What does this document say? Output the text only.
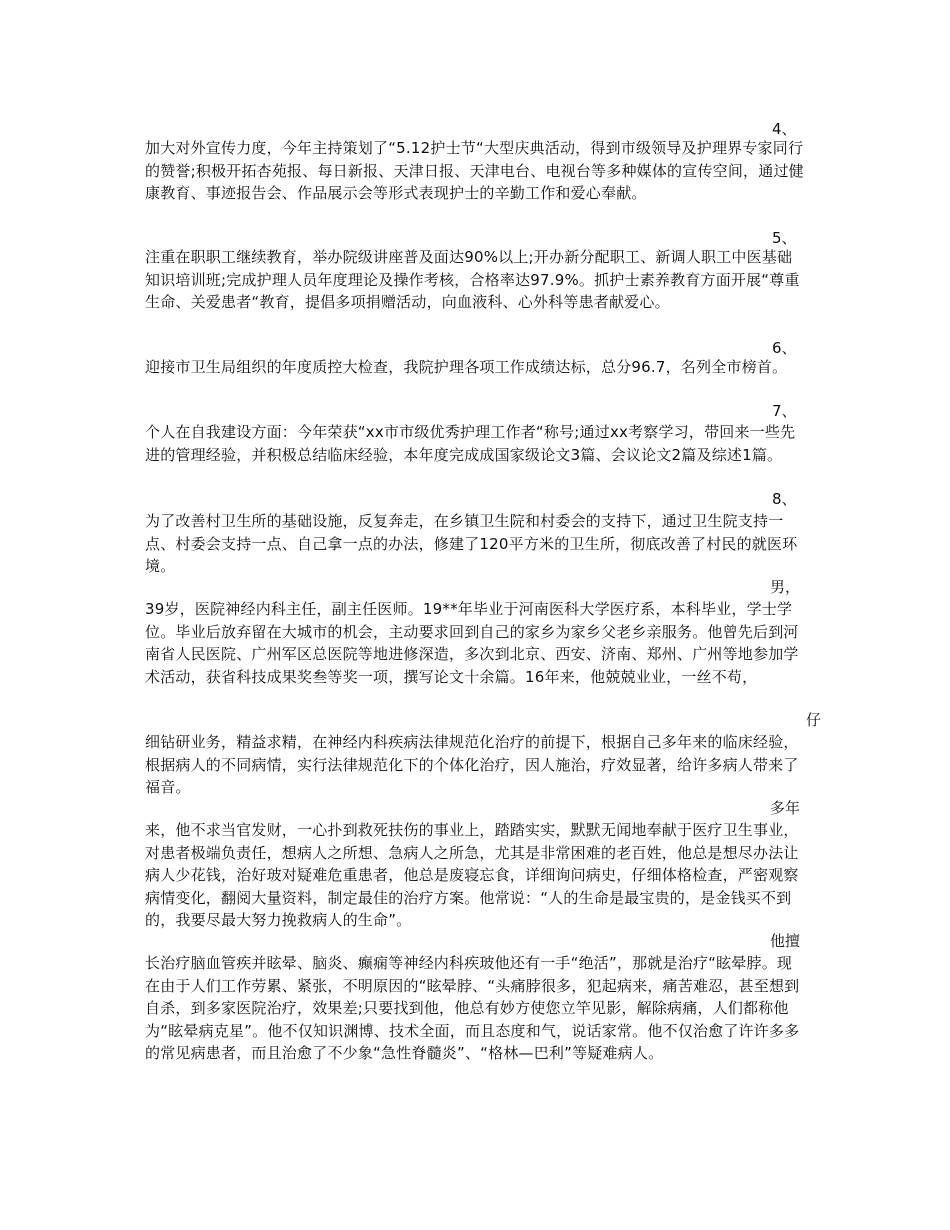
4、

加大对外宣传力度，今年主持策划了“5.12护士节“大型庆典活动，得到市级领导及护理界专家同行的赞誉;积极开拓杏苑报、每日新报、天津日报、天津电台、电视台等多种媒体的宣传空间，通过健康教育、事迹报告会、作品展示会等形式表现护士的辛勤工作和爱心奉献。

5、

注重在职职工继续教育，举办院级讲座普及面达90%以上;开办新分配职工、新调人职工中医基础知识培训班;完成护理人员年度理论及操作考核，合格率达97.9%。抓护士素养教育方面开展“尊重生命、关爱患者“教育，提倡多项捐赠活动，向血液科、心外科等患者献爱心。

6、

迎接市卫生局组织的年度质控大检查，我院护理各项工作成绩达标，总分96.7，名列全市榜首。

7、

个人在自我建设方面：今年荣获“xx市市级优秀护理工作者“称号;通过xx考察学习，带回来一些先进的管理经验，并积极总结临床经验，本年度完成成国家级论文3篇、会议论文2篇及综述1篇。

8、

为了改善村卫生所的基础设施，反复奔走，在乡镇卫生院和村委会的支持下，通过卫生院支持一点、村委会支持一点、自己拿一点的办法，修建了120平方米的卫生所，彻底改善了村民的就医环境。

男，

39岁，医院神经内科主任，副主任医师。19**年毕业于河南医科大学医疗系，本科毕业，学士学位。毕业后放弃留在大城市的机会，主动要求回到自己的家乡为家乡父老乡亲服务。他曾先后到河南省人民医院、广州军区总医院等地进修深造，多次到北京、西安、济南、郑州、广州等地参加学术活动，获省科技成果奖叁等奖一项，撰写论文十余篇。16年来，他兢兢业业，一丝不苟，

仔

细钻研业务，精益求精，在神经内科疾病法律规范化治疗的前提下，根据自己多年来的临床经验，根据病人的不同病情，实行法律规范化下的个体化治疗，因人施治，疗效显著，给许多病人带来了福音。

多年

来，他不求当官发财，一心扑到救死扶伤的事业上，踏踏实实，默默无闻地奉献于医疗卫生事业，对患者极端负责任，想病人之所想、急病人之所急，尤其是非常困难的老百姓，他总是想尽办法让病人少花钱，治好玻对疑难危重患者，他总是废寝忘食，详细询问病史，仔细体格检查，严密观察病情变化，翻阅大量资料，制定最佳的治疗方案。他常说：“人的生命是最宝贵的，是金钱买不到的，我要尽最大努力挽救病人的生命”。

他擅

长治疗脑血管疾并眩晕、脑炎、癫痫等神经内科疾玻他还有一手“绝活”，那就是治疗“眩晕脖。现在由于人们工作劳累、紧张，不明原因的“眩晕脖、“头痛脖很多，犯起病来，痛苦难忍，甚至想到自杀，到多家医院治疗，效果差;只要找到他，他总有妙方使您立竿见影，解除病痛，人们都称他为“眩晕病克星”。他不仅知识渊博、技术全面，而且态度和气，说话家常。他不仅治愈了许许多多的常见病患者，而且治愈了不少象“急性脊髓炎”、“格林—巴利”等疑难病人。
